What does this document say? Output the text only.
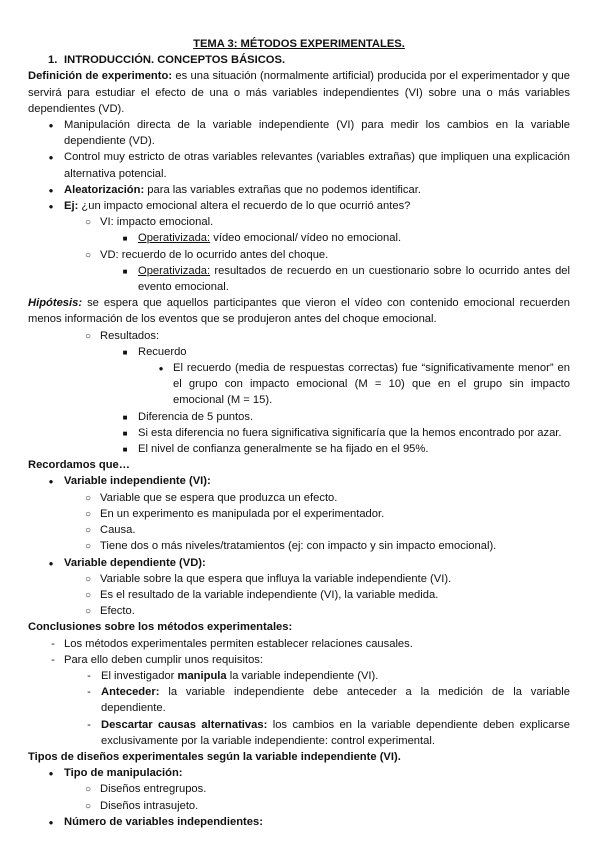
TEMA 3: MÉTODOS EXPERIMENTALES.
1. INTRODUCCIÓN. CONCEPTOS BÁSICOS.

Definición de experimento: es una situación (normalmente artificial) producida por el experimentador y que servirá para estudiar el efecto de una o más variables independientes (VI) sobre una o más variables dependientes (VD).

●
Manipulación directa de la variable independiente (VI) para medir los cambios en la variable dependiente (VD).
●
Control muy estricto de otras variables relevantes (variables extrañas) que impliquen una explicación alternativa potencial.
●
Aleatorización: para las variables extrañas que no podemos identificar.
●
Ej: ¿un impacto emocional altera el recuerdo de lo que ocurrió antes?
○
VI: impacto emocional.
■
Operativizada: vídeo emocional/ vídeo no emocional.
○
VD: recuerdo de lo ocurrido antes del choque.
■
Operativizada: resultados de recuerdo en un cuestionario sobre lo ocurrido antes del evento emocional.

Hipótesis: se espera que aquellos participantes que vieron el vídeo con contenido emocional recuerden menos información de los eventos que se produjeron antes del choque emocional.

○
Resultados:
■
Recuerdo
●
El recuerdo (media de respuestas correctas) fue “significativamente menor” en el grupo con impacto emocional (M = 10) que en el grupo sin impacto emocional (M = 15).
■
Diferencia de 5 puntos.
■
Si esta diferencia no fuera significativa significaría que la hemos encontrado por azar.
■
El nivel de confianza generalmente se ha fijado en el 95%.
Recordamos que…
●
Variable independiente (VI):
○
Variable que se espera que produzca un efecto.
○
En un experimento es manipulada por el experimentador.
○
Causa.
○
Tiene dos o más niveles/tratamientos (ej: con impacto y sin impacto emocional).
●
Variable dependiente (VD):
○
Variable sobre la que espera que influya la variable independiente (VI).
○
Es el resultado de la variable independiente (VI), la variable medida.
○
Efecto.
Conclusiones sobre los métodos experimentales:
-
Los métodos experimentales permiten establecer relaciones causales.
-
Para ello deben cumplir unos requisitos:
-
El investigador manipula la variable independiente (VI).
-
Anteceder: la variable independiente debe anteceder a la medición de la variable dependiente.
-
Descartar causas alternativas: los cambios en la variable dependiente deben explicarse exclusivamente por la variable independiente: control experimental.
Tipos de diseños experimentales según la variable independiente (VI).
●
Tipo de manipulación:
○
Diseños entregrupos.
○
Diseños intrasujeto.
●
Número de variables independientes:
